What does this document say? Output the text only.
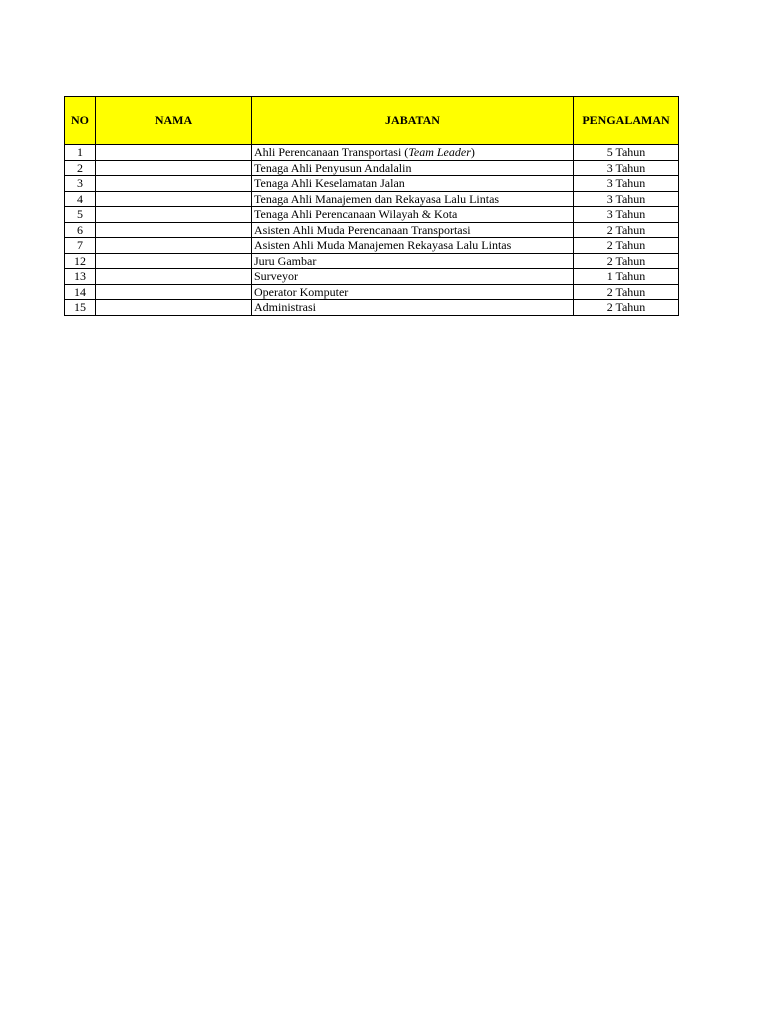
NO	NAMA	JABATAN	PENGALAMAN
1		Ahli Perencanaan Transportasi (Team Leader)	5 Tahun
2		Tenaga Ahli Penyusun Andalalin	3 Tahun
3		Tenaga Ahli Keselamatan Jalan	3 Tahun
4		Tenaga Ahli Manajemen dan Rekayasa Lalu Lintas	3 Tahun
5		Tenaga Ahli Perencanaan Wilayah & Kota	3 Tahun
6		Asisten Ahli Muda Perencanaan Transportasi	2 Tahun
7		Asisten Ahli Muda Manajemen Rekayasa Lalu Lintas	2 Tahun
12		Juru Gambar	2 Tahun
13		Surveyor	1 Tahun
14		Operator Komputer	2 Tahun
15		Administrasi	2 Tahun
